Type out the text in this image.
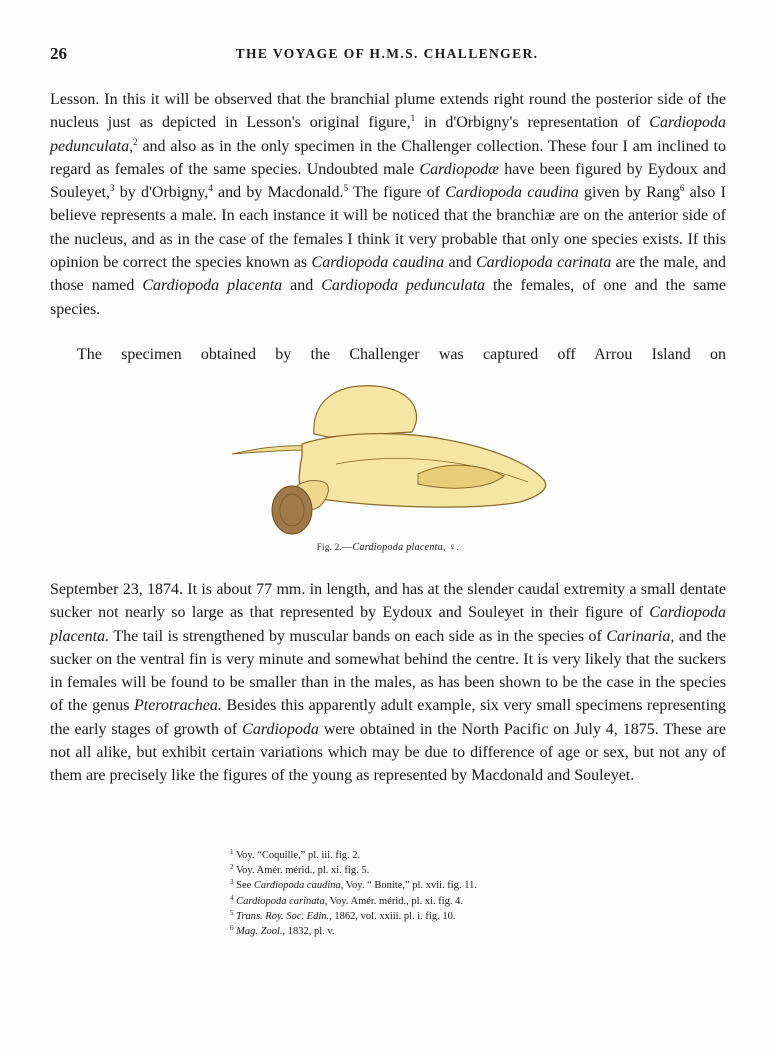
26	THE VOYAGE OF H.M.S. CHALLENGER.

Lesson. In this it will be observed that the branchial plume extends right round the posterior side of the nucleus just as depicted in Lesson's original figure,$^1$ in d'Orbigny's representation of Cardiopoda pedunculata,$^2$ and also as in the only specimen in the Challenger collection. These four I am inclined to regard as females of the same species. Undoubted male Cardiopodæ have been figured by Eydoux and Souleyet,$^3$ by d'Orbigny,$^4$ and by Macdonald.$^5$ The figure of Cardiopoda caudina given by Rang$^6$ also I believe represents a male. In each instance it will be noticed that the branchiæ are on the anterior side of the nucleus, and as in the case of the females I think it very probable that only one species exists. If this opinion be correct the species known as Cardiopoda caudina and Cardiopoda carinata are the male, and those named Cardiopoda placenta and Cardiopoda pedunculata the females, of one and the same species.

The specimen obtained by the Challenger was captured off Arrou Island on

Fig. 2.—Cardiopoda placenta, ♀.

September 23, 1874. It is about 77 mm. in length, and has at the slender caudal extremity a small dentate sucker not nearly so large as that represented by Eydoux and Souleyet in their figure of Cardiopoda placenta. The tail is strengthened by muscular bands on each side as in the species of Carinaria, and the sucker on the ventral fin is very minute and somewhat behind the centre. It is very likely that the suckers in females will be found to be smaller than in the males, as has been shown to be the case in the species of the genus Pterotrachea. Besides this apparently adult example, six very small specimens representing the early stages of growth of Cardiopoda were obtained in the North Pacific on July 4, 1875. These are not all alike, but exhibit certain variations which may be due to difference of age or sex, but not any of them are precisely like the figures of the young as represented by Macdonald and Souleyet.

$^1$ Voy. “Coquille,” pl. iii. fig. 2.
$^2$ Voy. Amér. mérid., pl. xi. fig. 5.
$^3$ See Cardiopoda caudina, Voy. “ Bonite,” pl. xvii. fig. 11.
$^4$ Cardiopoda carinata, Voy. Amér. mérid., pl. xi. fig. 4.
$^5$ Trans. Roy. Soc. Edin., 1862, vol. xxiii. pl. i. fig. 10.
$^6$ Mag. Zool., 1832, pl. v.
